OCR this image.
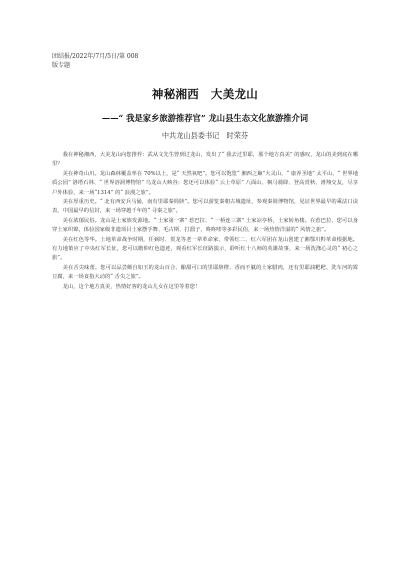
团结报/2022年/7月/5日/第 008
版专题
神秘湘西　大美龙山
——“ 我是家乡旅游推荐官” 龙山县生态文化旅游推介词
中共龙山县委书记　时荣芬

我在神秘湘西，大美龙山向您推荐：武从文先生曾到过龙山，发出了“ 我去过里耶，那个地方真美” 的感叹，龙山的美到底在哪里？

美在神奇山川。龙山森林覆盖率在 70%以上，是“ 天然氧吧”。您可以饱览“ 湘西之巅”大灵山、“ 康养圣地” 太平山、“ 世界地质公园” 洛塔石林、“ 世界溶洞博物馆” 乌龙山大峡谷；您还可以体验“ 云上草原” 八面山、枫马骑降、登高赏秋、滑翔交友，尽享户外体验，来一场“1314” 的“ 浪漫之旅”。

美在厚重历史。“ 北有西安兵马俑，南有里耶秦简牍”。您可以游览秦朝古城遗址，参观秦简博物馆，见证世界最早的乘法口诀表，中国最早的信封，来一场穿越千年的“ 寻秦之旅”。

美在浓郁民俗。龙山是土家族发源地。“ 土家第一寨” 惹巴拉、“ 一桥连三寨” 土家凉亭桥，土家转角楼。在惹巴拉、您可以身穿土家织锦，体验国家级非遗项目土家摆手舞、毛古斯、打溜子，咚咚喹等多彩民俗，来一场热情洋溢的“ 风情之旅”。

美在红色等华。土地革命战争时期，任弼时、贺龙等老一辈革命家，带领红二、红六军团在龙山创建了湘鄂川黔革命根据地。有力地策应了中央红军长征，您可以瞻仰红色遗迹，观看红军长征路演示，聆听红十八师的英雄故事，来一场洗涤心灵的“ 初心之旅”。

美在舌尖味蕾。您可以品尝颇自如玉的龙山百合、酿甜可口的里耶脐橙、香而不腻的土家腊肉，还有里耶油粑粑、洗车河的霉豆腐，来一场食指大动的“ 舌尖之旅”。

龙山，这个地方真美，热情好客的龙山儿女在这里等着您！
